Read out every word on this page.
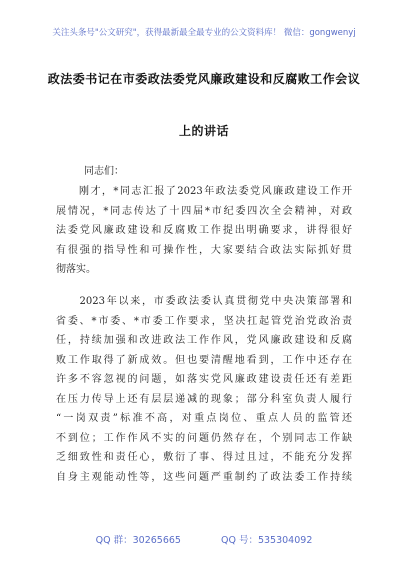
关注头条号"公文研究"，获得最新最全最专业的公文资料库！ 微信：gongwenyj
政法委书记在市委政法委党风廉政建设和反腐败工作会议
上的讲话
同志们：
　　刚才，*同志汇报了2023年政法委党风廉政建设工作开
展情况，*同志传达了十四届*市纪委四次全会精神，对政
法委党风廉政建设和反腐败工作提出明确要求，讲得很好
有很强的指导性和可操作性，大家要结合政法实际抓好贯
彻落实。
　　2023年以来，市委政法委认真贯彻党中央决策部署和
省委、*市委、*市委工作要求，坚决扛起管党治党政治责
任，持续加强和改进政法工作作风，党风廉政建设和反腐
败工作取得了新成效。但也要清醒地看到，工作中还存在
许多不容忽视的问题，如落实党风廉政建设责任还有差距
在压力传导上还有层层递减的现象；部分科室负责人履行
“一岗双责”标准不高，对重点岗位、重点人员的监管还
不到位；工作作风不实的问题仍然存在，个别同志工作缺
乏细致性和责任心，敷衍了事、得过且过，不能充分发挥
自身主观能动性等，这些问题严重制约了政法委工作持续
QQ 群：30265665	QQ 号：535304092
